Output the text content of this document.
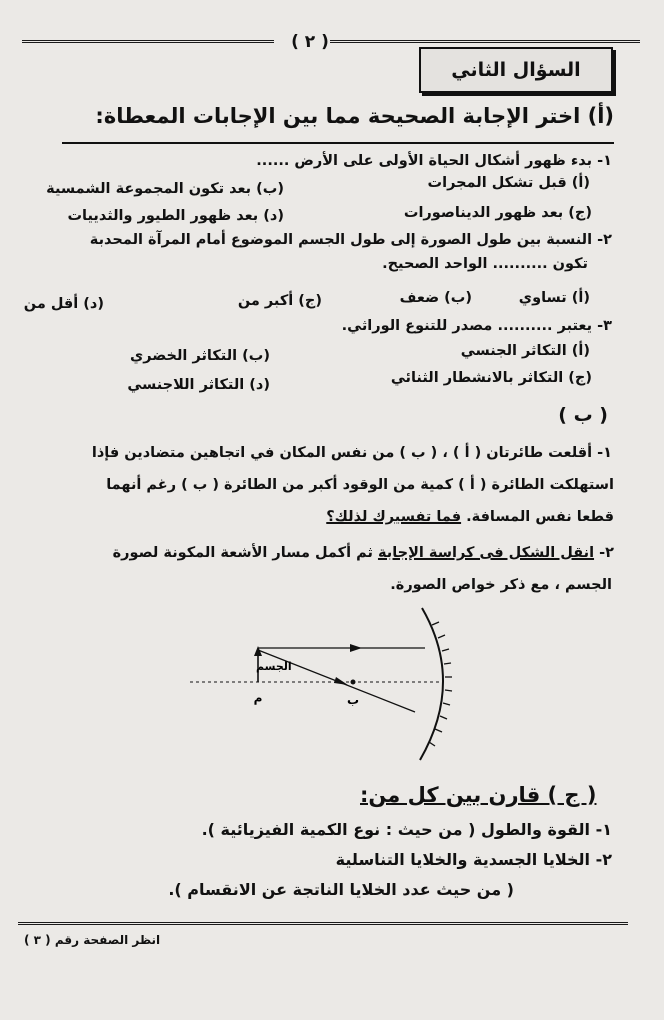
( ٢ )
السؤال الثاني
(أ) اختر الإجابة الصحيحة مما بين الإجابات المعطاة:
١- بدء ظهور أشكال الحياة الأولى على الأرض ......
(أ) قبل تشكل المجرات
(ب) بعد تكون المجموعة الشمسية
(ج) بعد ظهور الديناصورات
(د) بعد ظهور الطيور والثدييات
٢- النسبة بين طول الصورة إلى طول الجسم الموضوع أمام المرآة المحدبة
تكون .......... الواحد الصحيح.
(أ) تساوي
(ب) ضعف
(ج) أكبر من
(د) أقل من
٣- يعتبر .......... مصدر للتنوع الوراثي.
(أ) التكاثر الجنسي
(ب) التكاثر الخضري
(ج) التكاثر بالانشطار الثنائي
(د) التكاثر اللاجنسي
( ب )
١- أقلعت طائرتان ( أ ) ، ( ب ) من نفس المكان في اتجاهين متضادين فإذا
استهلكت الطائرة ( أ ) كمية من الوقود أكبر من الطائرة ( ب ) رغم أنهما
قطعا نفس المسافة. فما تفسيرك لذلك؟
٢- انقل الشكل فى كراسة الإجابة ثم أكمل مسار الأشعة المكونة لصورة
الجسم ، مع ذكر خواص الصورة.
الجسم
م	ب
( ج ) قارن بين كل من:
١- القوة والطول ( من حيث : نوع الكمية الفيزيائية ).
٢- الخلايا الجسدية والخلايا التناسلية
( من حيث عدد الخلايا الناتجة عن الانقسام ).
انظر الصفحة رقم ( ٣ )
